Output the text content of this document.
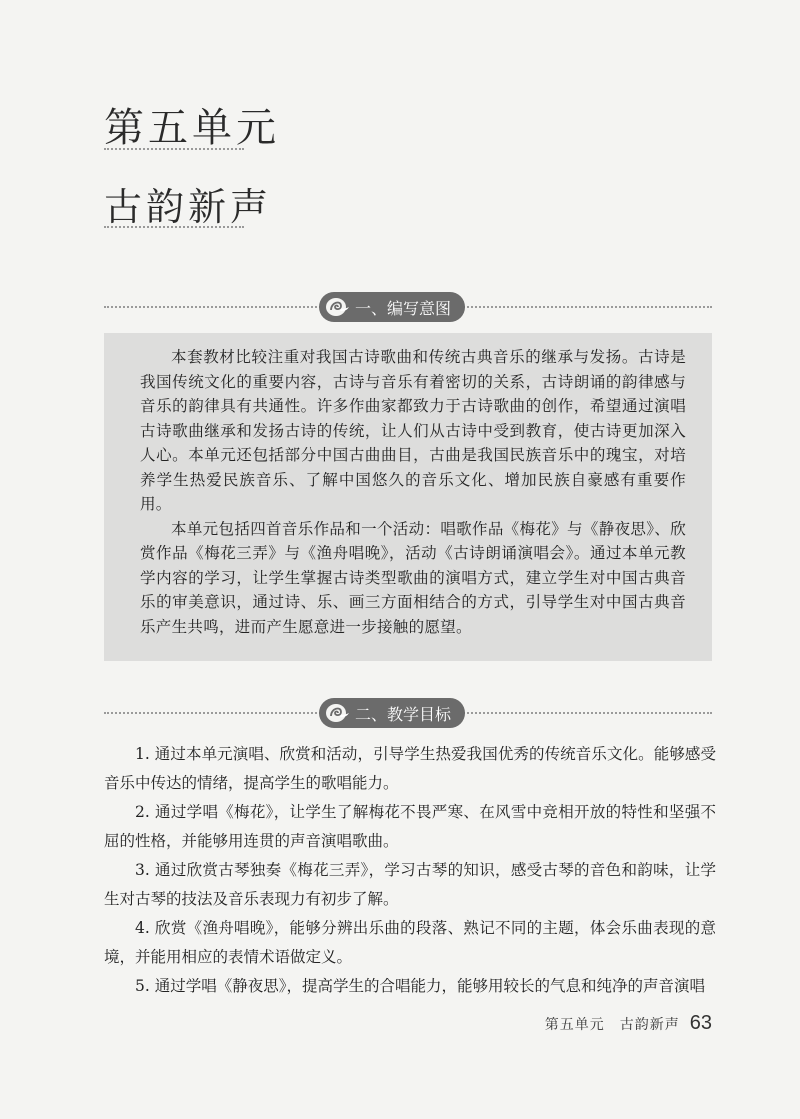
第五单元
古韵新声
一、编写意图

本套教材比较注重对我国古诗歌曲和传统古典音乐的继承与发扬。古诗是我国传统文化的重要内容，古诗与音乐有着密切的关系，古诗朗诵的韵律感与音乐的韵律具有共通性。许多作曲家都致力于古诗歌曲的创作，希望通过演唱古诗歌曲继承和发扬古诗的传统，让人们从古诗中受到教育，使古诗更加深入人心。本单元还包括部分中国古曲曲目，古曲是我国民族音乐中的瑰宝，对培养学生热爱民族音乐、了解中国悠久的音乐文化、增加民族自豪感有重要作用。

本单元包括四首音乐作品和一个活动：唱歌作品《梅花》与《静夜思》、欣赏作品《梅花三弄》与《渔舟唱晚》，活动《古诗朗诵演唱会》。通过本单元教学内容的学习，让学生掌握古诗类型歌曲的演唱方式，建立学生对中国古典音乐的审美意识，通过诗、乐、画三方面相结合的方式，引导学生对中国古典音乐产生共鸣，进而产生愿意进一步接触的愿望。

二、教学目标

1. 通过本单元演唱、欣赏和活动，引导学生热爱我国优秀的传统音乐文化。能够感受音乐中传达的情绪，提高学生的歌唱能力。

2. 通过学唱《梅花》，让学生了解梅花不畏严寒、在风雪中竞相开放的特性和坚强不屈的性格，并能够用连贯的声音演唱歌曲。

3. 通过欣赏古琴独奏《梅花三弄》，学习古琴的知识，感受古琴的音色和韵味，让学生对古琴的技法及音乐表现力有初步了解。

4. 欣赏《渔舟唱晚》，能够分辨出乐曲的段落、熟记不同的主题，体会乐曲表现的意境，并能用相应的表情术语做定义。

5. 通过学唱《静夜思》，提高学生的合唱能力，能够用较长的气息和纯净的声音演唱

第五单元　古韵新声 63
